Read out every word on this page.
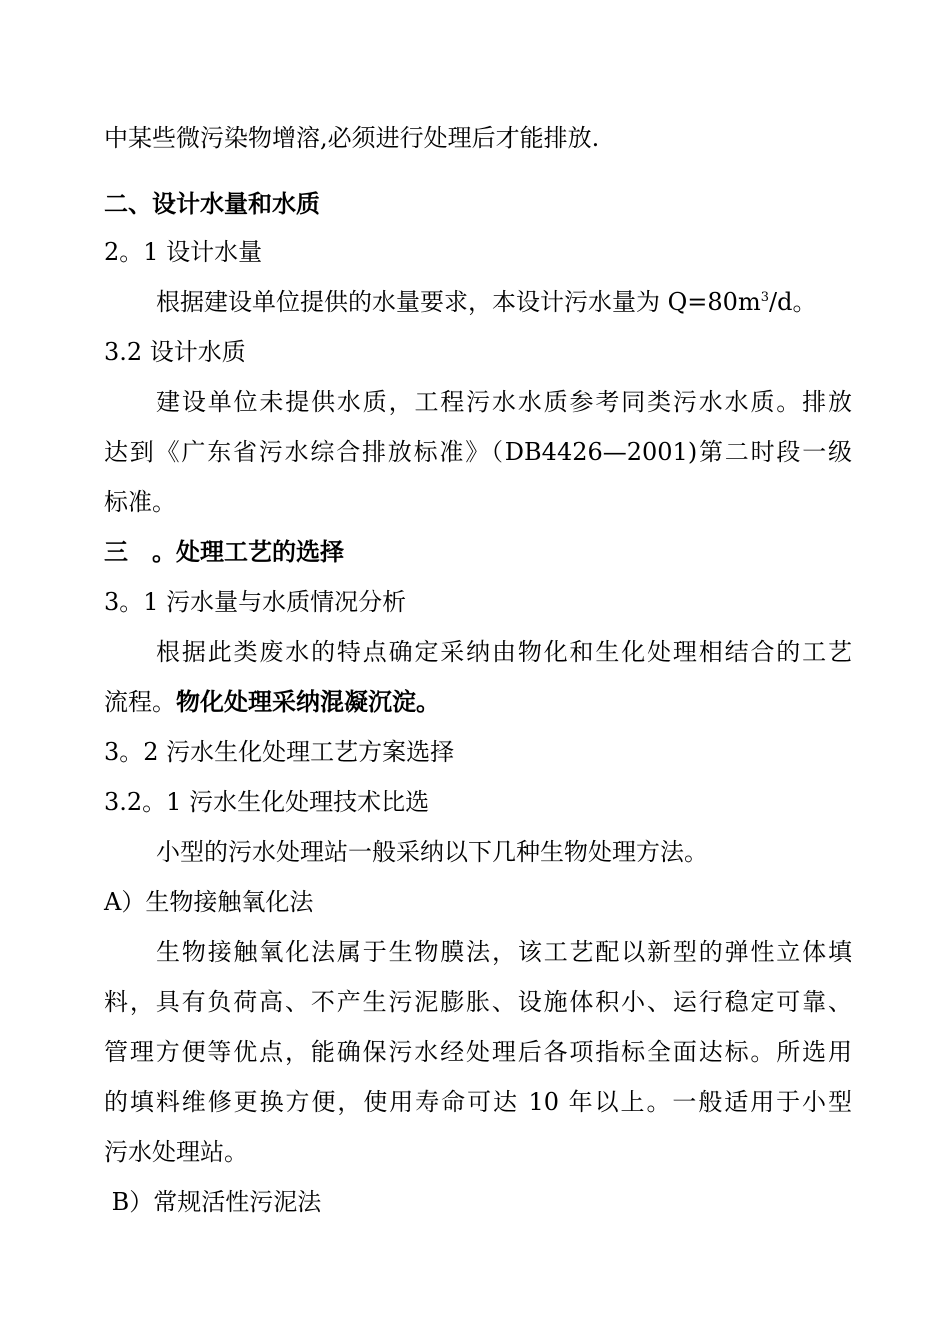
中某些微污染物增溶,必须进行处理后才能排放.
二、设计水量和水质
2。1 设计水量
根据建设单位提供的水量要求，本设计污水量为 $Q=80m^3/d$。
3.2 设计水质
建设单位未提供水质，工程污水水质参考同类污水水质。排放
达到《广东省污水综合排放标准》（DB4426—2001)第二时段一级
标准。
三　。处理工艺的选择
3。1 污水量与水质情况分析
根据此类废水的特点确定采纳由物化和生化处理相结合的工艺
流程。物化处理采纳混凝沉淀。
3。2 污水生化处理工艺方案选择
3.2。1 污水生化处理技术比选
小型的污水处理站一般采纳以下几种生物处理方法。
A）生物接触氧化法
生物接触氧化法属于生物膜法，该工艺配以新型的弹性立体填
料，具有负荷高、不产生污泥膨胀、设施体积小、运行稳定可靠、
管理方便等优点，能确保污水经处理后各项指标全面达标。所选用
的填料维修更换方便，使用寿命可达 10 年以上。一般适用于小型
污水处理站。
B）常规活性污泥法
